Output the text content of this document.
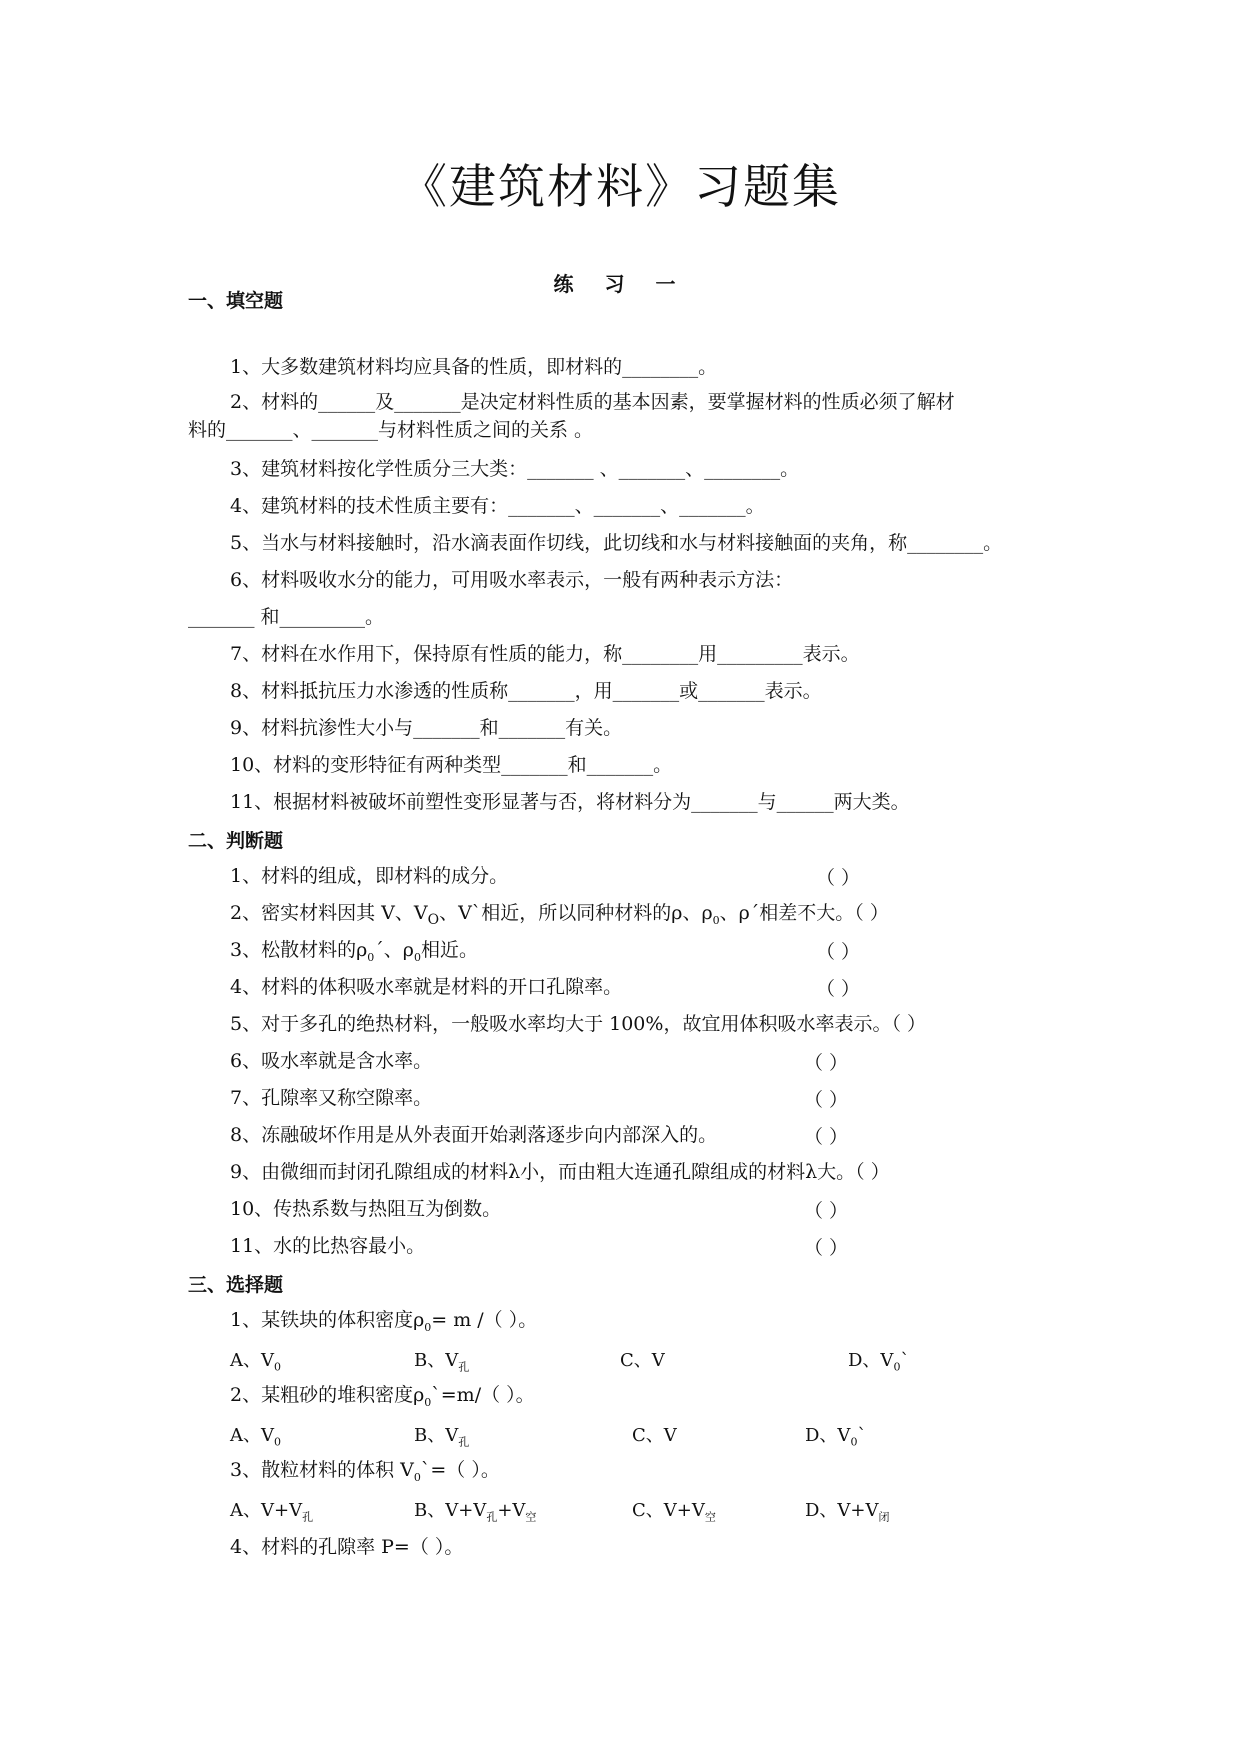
《建筑材料》习题集
练 习 一
一、填空题
1、大多数建筑材料均应具备的性质，即材料的________。
2、材料的______及_______是决定材料性质的基本因素，要掌握材料的性质必须了解材
料的_______、_______与材料性质之间的关系 。
3、建筑材料按化学性质分三大类：_______ 、_______、________。
4、建筑材料的技术性质主要有：_______、_______、_______。
5、当水与材料接触时，沿水滴表面作切线，此切线和水与材料接触面的夹角，称________。
6、材料吸收水分的能力，可用吸水率表示，一般有两种表示方法：
_______ 和_________。
7、材料在水作用下，保持原有性质的能力，称________用_________表示。
8、材料抵抗压力水渗透的性质称_______，用_______或_______表示。
9、材料抗渗性大小与_______和_______有关。
10、材料的变形特征有两种类型_______和_______。
11、根据材料被破坏前塑性变形显著与否，将材料分为_______与______两大类。
二、判断题
1、材料的组成，即材料的成分。	（ ）
2、密实材料因其 V、$V_O$、V`相近，所以同种材料的ρ、$\rho_0$、ρ´相差不大。（ ）
3、松散材料的$\rho_0´$、$\rho_0$相近。	（ ）
4、材料的体积吸水率就是材料的开口孔隙率。	（ ）
5、对于多孔的绝热材料，一般吸水率均大于 100%，故宜用体积吸水率表示。（ ）
6、吸水率就是含水率。	（ ）
7、孔隙率又称空隙率。	（ ）
8、冻融破坏作用是从外表面开始剥落逐步向内部深入的。	（ ）
9、由微细而封闭孔隙组成的材料λ小，而由粗大连通孔隙组成的材料λ大。（ ）
10、传热系数与热阻互为倒数。	（ ）
11、水的比热容最小。	（ ）
三、选择题
1、某铁块的体积密度$\rho_0= m$ /（ ）。
A、$V_0$	B、$V_孔$	C、V	D、$V_0`$
2、某粗砂的堆积密度$\rho_0`=m/$（ ）。
A、$V_0$	B、$V_孔$	C、V	D、$V_0`$
3、散粒材料的体积 $V_0`=$（ ）。
A、$V+V_孔$	B、$V+V_孔+V_空$	C、$V+V_空$	D、$V+V_闭$
4、材料的孔隙率 P=（ ）。
